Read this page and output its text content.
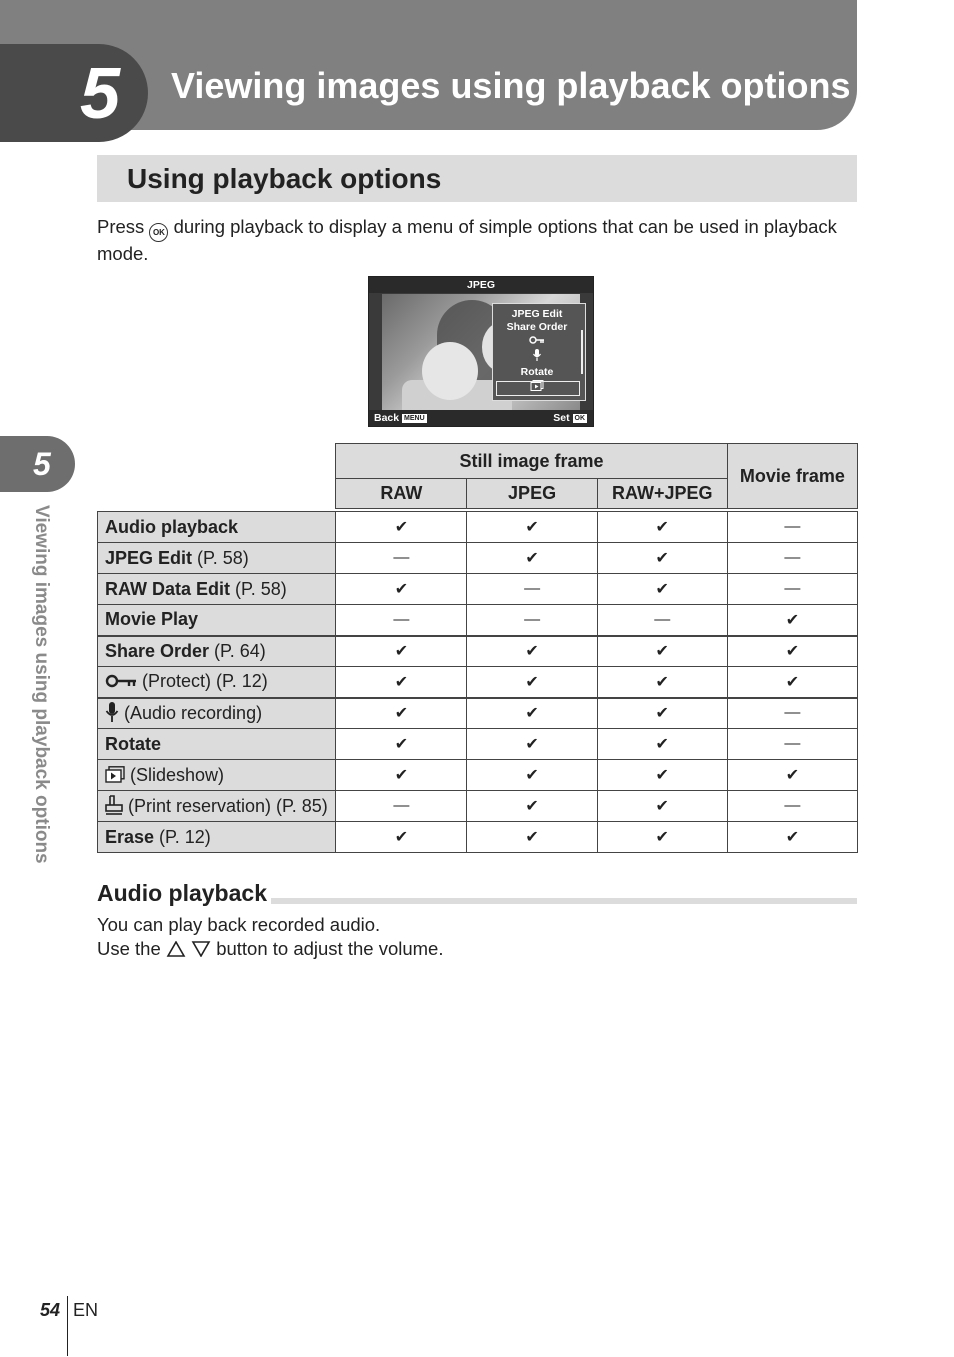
5 Viewing images using playback options
Using playback options
Press OK during playback to display a menu of simple options that can be used in playback mode.
JPEG
JPEG Edit
Share Order
Rotate
Back MENU	Set OK
5
Viewing images using playback options
	Still image frame			Movie frame
	RAW	JPEG	RAW+JPEG	

Audio playback	✔	✔	✔	—
JPEG Edit (P. 58)	—	✔	✔	—
RAW Data Edit (P. 58)	✔	—	✔	—
Movie Play	—	—	—	✔
Share Order (P. 64)	✔	✔	✔	✔
(Protect) (P. 12)	✔	✔	✔	✔
(Audio recording)	✔	✔	✔	—
Rotate	✔	✔	✔	—
(Slideshow)	✔	✔	✔	✔
(Print reservation) (P. 85)	—	✔	✔	—
Erase (P. 12)	✔	✔	✔	✔
Audio playback
You can play back recorded audio.
Use the	button to adjust the volume.
54 EN
